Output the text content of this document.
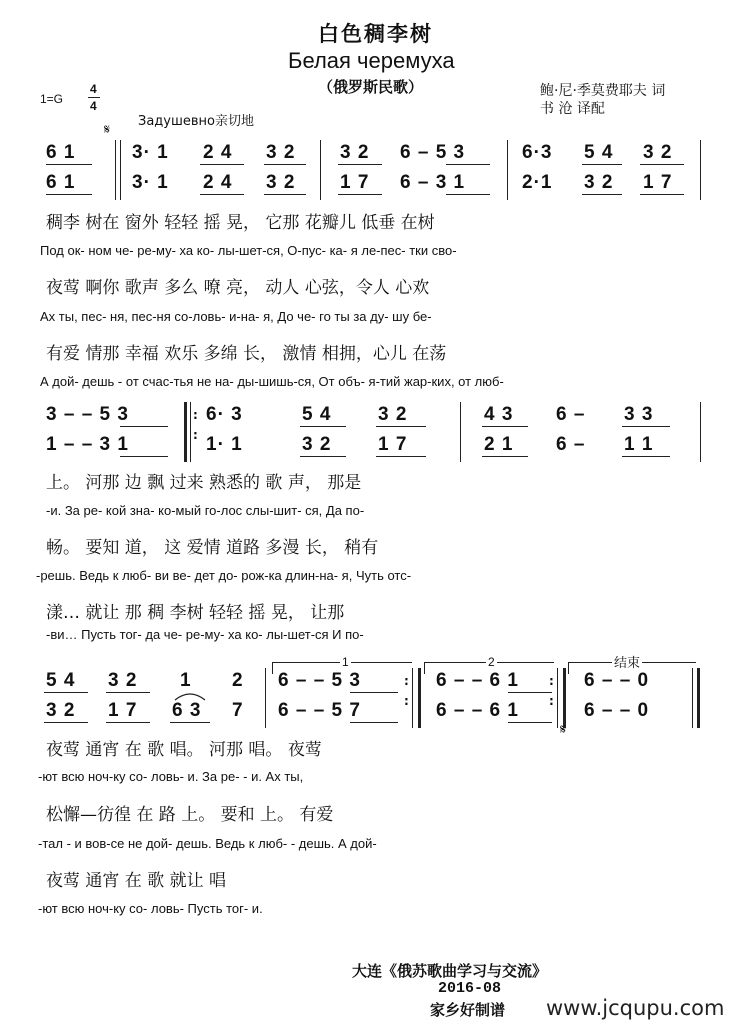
白色稠李树
Белая черемуха
（俄罗斯民歌）
1=G
4
4
Задушевно亲切地
鲍·尼·季莫费耶夫 词
书 沧 译配
𝄋
6 1	3· 1 2 4 3 2 3 2 6 – 5 3	6·3 5 4 3 2
6 1	3· 1 2 4 3 2 1 7 6 – 3 1	2·1 3 2 1 7
稠李 树在 窗外 轻轻 摇 晃， 它那 花瓣儿 低垂 在树
Под ок- ном че- ре-му- ха ко- лы-шет-ся, О-пус- ка- я ле-пес- тки сво-
夜莺 啊你 歌声 多么 嘹 亮， 动人 心弦，令人 心欢
Ах ты, пес- ня, пес-ня со-ловь- и-на- я, До че- го ты за ду- шу бе-
有爱 情那 幸福 欢乐 多绵 长， 激情 相拥，心儿 在荡
А дой- дешь - от счас-тья не на- ды-шишь-ся, От объ- я-тий жар-ких, от люб-
:

:
3 – – 5 3	6· 3	5 4 3 2	4 3 6 – 3 3
1 – – 3 1	1· 1	3 2 1 7	2 1 6 – 1 1
上。 河那 边 飘 过来 熟悉的 歌 声， 那是
-и. За ре- кой зна- ко-мый го-лос слы-шит- ся, Да по-
畅。 要知 道， 这 爱情 道路 多漫 长， 稍有
-решь. Ведь к люб- ви ве- дет до- рож-ка длин-на- я, Чуть отс-
漾… 就让 那 稠 李树 轻轻 摇 晃， 让那
-ви… Пусть тог- да че- ре-му- ха ко- лы-шет-ся И по-
1	2	结束
:

:
:

:
5 4 3 2 1 2 6 – – 5 3	6 – – 6 1	6 – – 0
3 2 1 7 6 3 7 6 – – 5 7	6 – – 6 1	6 – – 0
𝄋
夜莺 通宵 在 歌 唱。 河那 唱。 夜莺
-ют всю ноч-ку со- ловь- и. За ре- - и. Ах ты,
松懈—彷徨 在 路 上。 要和 上。 有爱
-тал - и вов-се не дой- дешь. Ведь к люб- - дешь. А дой-
夜莺 通宵 在 歌 就让 唱
-ют всю ноч-ку со- ловь- Пусть тог- и.
大连《俄苏歌曲学习与交流》
2016-08
家乡好制谱 www.jcqupu.com
